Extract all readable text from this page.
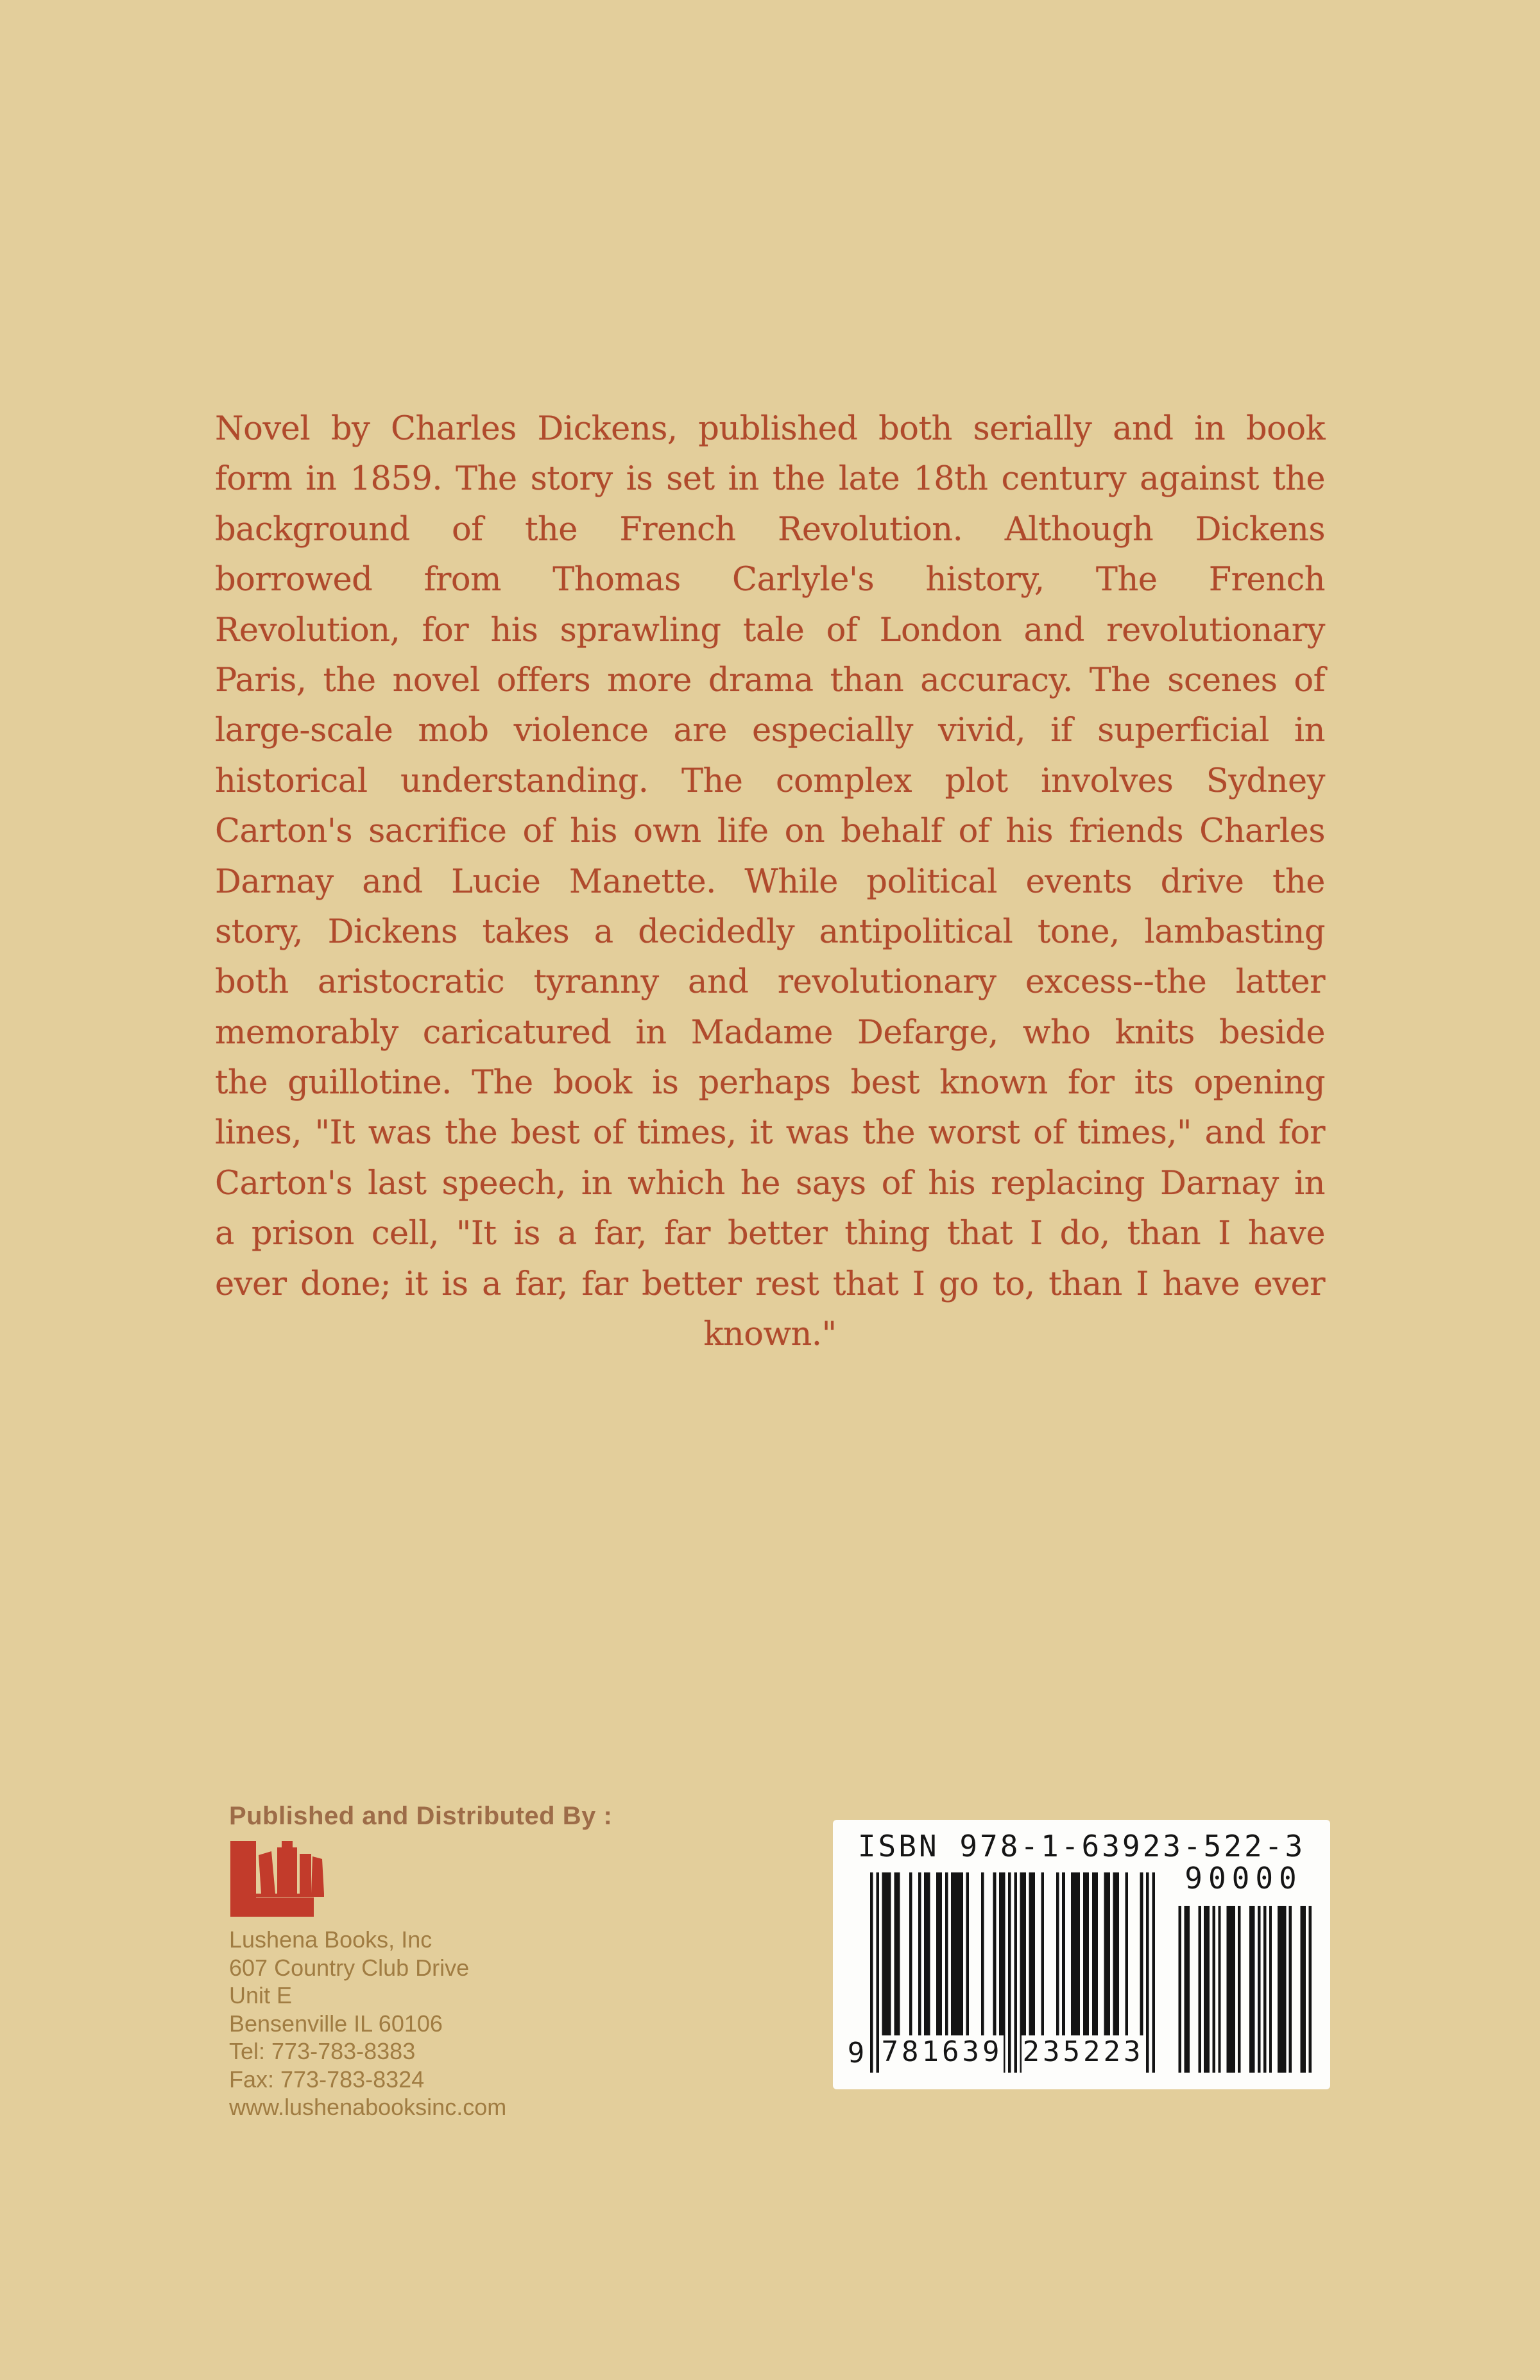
Novel by Charles Dickens, published both serially and in book
form in 1859. The story is set in the late 18th century against the
background of the French Revolution. Although Dickens
borrowed from Thomas Carlyle's history, The French
Revolution, for his sprawling tale of London and revolutionary
Paris, the novel offers more drama than accuracy. The scenes of
large-scale mob violence are especially vivid, if superficial in
historical understanding. The complex plot involves Sydney
Carton's sacrifice of his own life on behalf of his friends Charles
Darnay and Lucie Manette. While political events drive the
story, Dickens takes a decidedly antipolitical tone, lambasting
both aristocratic tyranny and revolutionary excess--the latter
memorably caricatured in Madame Defarge, who knits beside
the guillotine. The book is perhaps best known for its opening
lines, "It was the best of times, it was the worst of times," and for
Carton's last speech, in which he says of his replacing Darnay in
a prison cell, "It is a far, far better thing that I do, than I have
ever done; it is a far, far better rest that I go to, than I have ever
known."
Published and Distributed By :
Lushena Books, Inc
607 Country Club Drive
Unit E
Bensenville IL 60106
Tel: 773-783-8383
Fax: 773-783-8324
www.lushenabooksinc.com
ISBN 978-1-63923-522-3
9 781639 235223
90000
